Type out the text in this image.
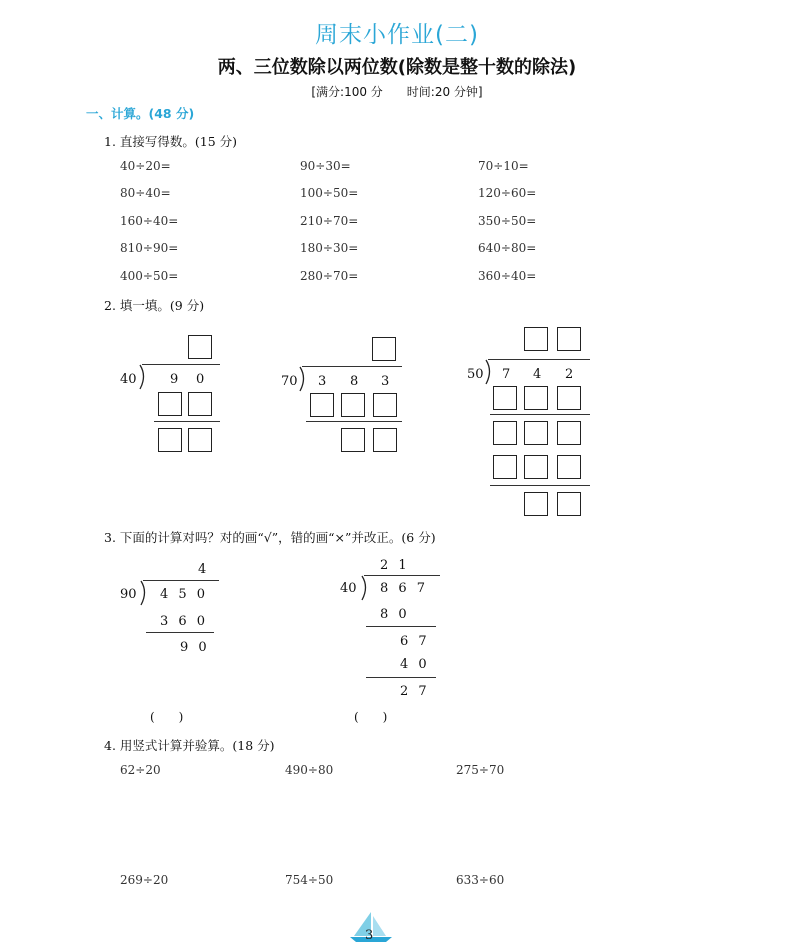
周末小作业(二)
两、三位数除以两位数(除数是整十数的除法)
[满分:100 分　　时间:20 分钟]
一、计算。(48 分)
1. 直接写得数。(15 分)
40÷20=	90÷30=	70÷10=
80÷40=	100÷50=	120÷60=
160÷40=	210÷70=	350÷50=
810÷90=	180÷30=	640÷80=
400÷50=	280÷70=	360÷40=
2. 填一填。(9 分)
40	9 0	70 3 8 3	50 7 4 2
3. 下面的计算对吗？对的画“√”，错的画“×”并改正。(6 分)
4
90 4 5 0
3 6 0
9 0
(　　)
2 1
40 8 6 7
8 0
6 7
4 0
2 7
(　　)
4. 用竖式计算并验算。(18 分)
62÷20	490÷80	275÷70
269÷20	754÷50	633÷60
3
